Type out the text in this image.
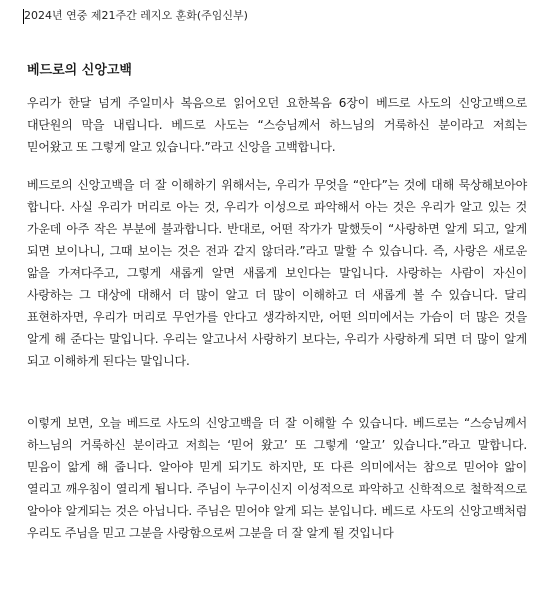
2024년 연중 제21주간 레지오 훈화(주임신부)
베드로의 신앙고백

우리가 한달 넘게 주일미사 복음으로 읽어오던 요한복음 6장이 베드로 사도의 신앙고백으로 대단원의 막을 내립니다. 베드로 사도는 “스승님께서 하느님의 거룩하신 분이라고 저희는 믿어왔고 또 그렇게 알고 있습니다.”라고 신앙을 고백합니다.

베드로의 신앙고백을 더 잘 이해하기 위해서는, 우리가 무엇을 “안다”는 것에 대해 묵상해보아야 합니다. 사실 우리가 머리로 아는 것, 우리가 이성으로 파악해서 아는 것은 우리가 알고 있는 것 가운데 아주 작은 부분에 불과합니다. 반대로, 어떤 작가가 말했듯이 “사랑하면 알게 되고, 알게 되면 보이나니, 그때 보이는 것은 전과 같지 않더라.”라고 말할 수 있습니다. 즉, 사랑은 새로운 앎을 가져다주고, 그렇게 새롭게 알면 새롭게 보인다는 말입니다. 사랑하는 사람이 자신이 사랑하는 그 대상에 대해서 더 많이 알고 더 많이 이해하고 더 새롭게 볼 수 있습니다. 달리 표현하자면, 우리가 머리로 무언가를 안다고 생각하지만, 어떤 의미에서는 가슴이 더 많은 것을 알게 해 준다는 말입니다. 우리는 알고나서 사랑하기 보다는, 우리가 사랑하게 되면 더 많이 알게 되고 이해하게 된다는 말입니다.

이렇게 보면, 오늘 베드로 사도의 신앙고백을 더 잘 이해할 수 있습니다. 베드로는 “스승님께서 하느님의 거룩하신 분이라고 저희는 ‘믿어 왔고’ 또 그렇게 ‘알고’ 있습니다.”라고 말합니다. 믿음이 앎게 해 줍니다. 알아야 믿게 되기도 하지만, 또 다른 의미에서는 참으로 믿어야 앎이 열리고 깨우침이 열리게 됩니다. 주님이 누구이신지 이성적으로 파악하고 신학적으로 철학적으로 알아야 알게되는 것은 아닙니다. 주님은 믿어야 알게 되는 분입니다. 베드로 사도의 신앙고백처럼 우리도 주님을 믿고 그분을 사랑함으로써 그분을 더 잘 알게 될 것입니다
